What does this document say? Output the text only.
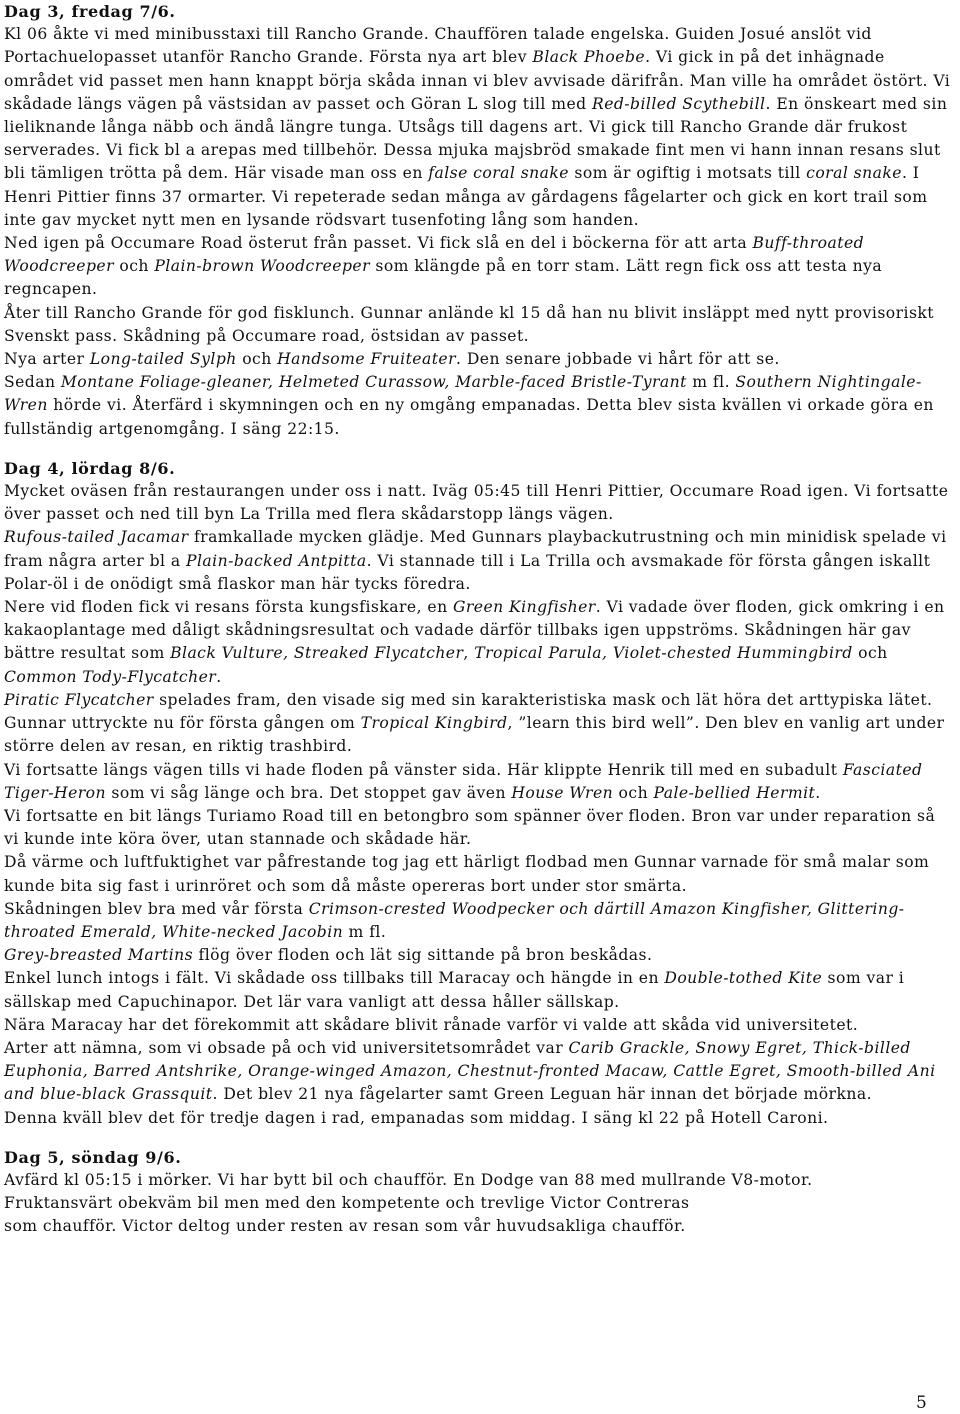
Dag 3, fredag 7/6.

Kl 06 åkte vi med minibusstaxi till Rancho Grande. Chauffören talade engelska. Guiden Josué anslöt vid Portachuelopasset utanför Rancho Grande. Första nya art blev Black Phoebe. Vi gick in på det inhägnade området vid passet men hann knappt börja skåda innan vi blev avvisade därifrån. Man ville ha området östört. Vi skådade längs vägen på västsidan av passet och Göran L slog till med Red-billed Scythebill. En önskeart med sin lieliknande långa näbb och ändå längre tunga. Utsågs till dagens art. Vi gick till Rancho Grande där frukost serverades. Vi fick bl a arepas med tillbehör. Dessa mjuka majsbröd smakade fint men vi hann innan resans slut bli tämligen trötta på dem. Här visade man oss en false coral snake som är ogiftig i motsats till coral snake. I Henri Pittier finns 37 ormarter. Vi repeterade sedan många av gårdagens fågelarter och gick en kort trail som inte gav mycket nytt men en lysande rödsvart tusenfoting lång som handen.

Ned igen på Occumare Road österut från passet. Vi fick slå en del i böckerna för att arta Buff-throated Woodcreeper och Plain-brown Woodcreeper som klängde på en torr stam. Lätt regn fick oss att testa nya regncapen.

Åter till Rancho Grande för god fisklunch. Gunnar anlände kl 15 då han nu blivit insläppt med nytt provisoriskt Svenskt pass. Skådning på Occumare road, östsidan av passet.

Nya arter Long-tailed Sylph och Handsome Fruiteater. Den senare jobbade vi hårt för att se.

Sedan Montane Foliage-gleaner, Helmeted Curassow, Marble-faced Bristle-Tyrant m fl. Southern Nightingale-Wren hörde vi. Återfärd i skymningen och en ny omgång empanadas. Detta blev sista kvällen vi orkade göra en fullständig artgenomgång. I säng 22:15.

Dag 4, lördag 8/6.

Mycket oväsen från restaurangen under oss i natt. Iväg 05:45 till Henri Pittier, Occumare Road igen. Vi fortsatte över passet och ned till byn La Trilla med flera skådarstopp längs vägen.

Rufous-tailed Jacamar framkallade mycken glädje. Med Gunnars playbackutrustning och min minidisk spelade vi fram några arter bl a Plain-backed Antpitta. Vi stannade till i La Trilla och avsmakade för första gången iskallt Polar-öl i de onödigt små flaskor man här tycks föredra.

Nere vid floden fick vi resans första kungsfiskare, en Green Kingfisher. Vi vadade över floden, gick omkring i en kakaoplantage med dåligt skådningsresultat och vadade därför tillbaks igen uppströms. Skådningen här gav bättre resultat som Black Vulture, Streaked Flycatcher, Tropical Parula, Violet-chested Hummingbird och Common Tody-Flycatcher.

Piratic Flycatcher spelades fram, den visade sig med sin karakteristiska mask och lät höra det arttypiska lätet. Gunnar uttryckte nu för första gången om Tropical Kingbird, ”learn this bird well”. Den blev en vanlig art under större delen av resan, en riktig trashbird.

Vi fortsatte längs vägen tills vi hade floden på vänster sida. Här klippte Henrik till med en subadult Fasciated Tiger-Heron som vi såg länge och bra. Det stoppet gav även House Wren och Pale-bellied Hermit.

Vi fortsatte en bit längs Turiamo Road till en betongbro som spänner över floden. Bron var under reparation så vi kunde inte köra över, utan stannade och skådade här.

Då värme och luftfuktighet var påfrestande tog jag ett härligt flodbad men Gunnar varnade för små malar som kunde bita sig fast i urinröret och som då måste opereras bort under stor smärta.

Skådningen blev bra med vår första Crimson-crested Woodpecker och därtill Amazon Kingfisher, Glittering-throated Emerald, White-necked Jacobin m fl.

Grey-breasted Martins flög över floden och lät sig sittande på bron beskådas.

Enkel lunch intogs i fält. Vi skådade oss tillbaks till Maracay och hängde in en Double-tothed Kite som var i sällskap med Capuchinapor. Det lär vara vanligt att dessa håller sällskap.

Nära Maracay har det förekommit att skådare blivit rånade varför vi valde att skåda vid universitetet.

Arter att nämna, som vi obsade på och vid universitetsområdet var Carib Grackle, Snowy Egret, Thick-billed Euphonia, Barred Antshrike, Orange-winged Amazon, Chestnut-fronted Macaw, Cattle Egret, Smooth-billed Ani and blue-black Grassquit. Det blev 21 nya fågelarter samt Green Leguan här innan det började mörkna.

Denna kväll blev det för tredje dagen i rad, empanadas som middag. I säng kl 22 på Hotell Caroni.

Dag 5, söndag 9/6.

Avfärd kl 05:15 i mörker. Vi har bytt bil och chaufför. En Dodge van 88 med mullrande V8-motor.

Fruktansvärt obekväm bil men med den kompetente och trevlige Victor Contreras

som chaufför. Victor deltog under resten av resan som vår huvudsakliga chaufför.

5
